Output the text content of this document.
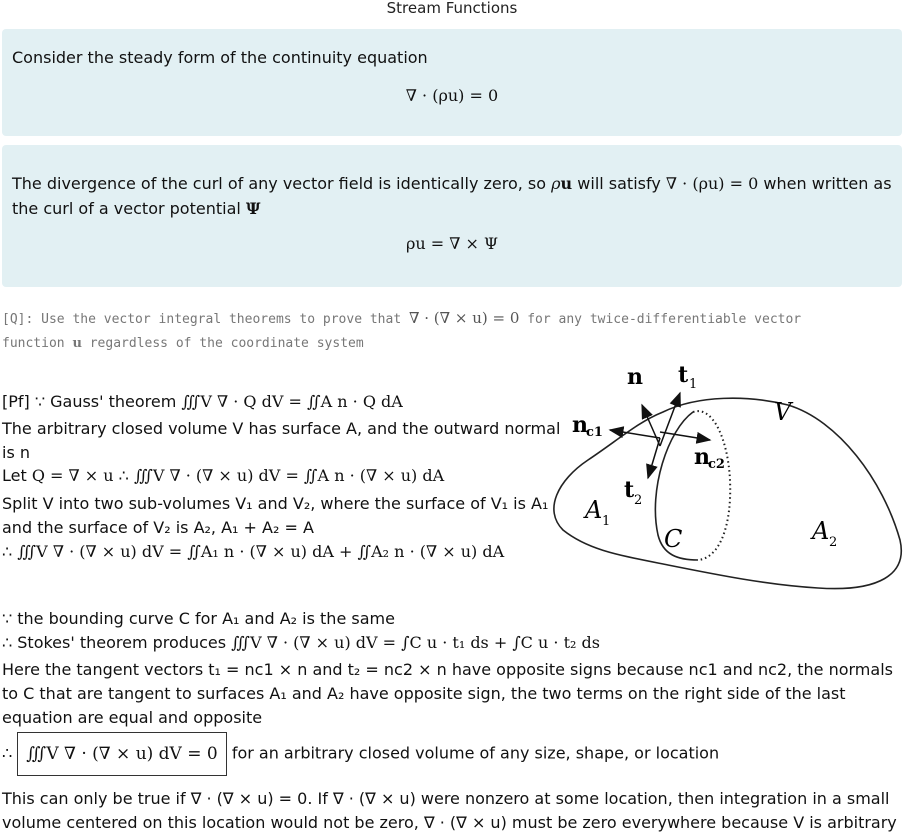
Stream Functions

Consider the steady form of the continuity equation

∇ · (ρu) = 0

The divergence of the curl of any vector field is identically zero, so ρu will satisfy ∇ · (ρu) = 0 when written as the curl of a vector potential Ψ

ρu = ∇ × Ψ

[Q]: Use the vector integral theorems to prove that ∇ · (∇ × u) = 0 for any twice-differentiable vector
function u regardless of the coordinate system

[Pf] ∵ Gauss' theorem ∭V ∇ · Q dV = ∬A n · Q dA

The arbitrary closed volume V has surface A, and the outward normal

is n

Let Q = ∇ × u ∴ ∭V ∇ · (∇ × u) dV = ∬A n · (∇ × u) dA

Split V into two sub-volumes V₁ and V₂, where the surface of V₁ is A₁

and the surface of V₂ is A₂, A₁ + A₂ = A

∴ ∭V ∇ · (∇ × u) dV = ∬A₁ n · (∇ × u) dA + ∬A₂ n · (∇ × u) dA

n t 1
V
n
c1
n
c2
t 2
A 1
C	A 2

∵ the bounding curve C for A₁ and A₂ is the same

∴ Stokes' theorem produces ∭V ∇ · (∇ × u) dV = ∫C u · t₁ ds + ∫C u · t₂ ds

Here the tangent vectors t₁ = nc1 × n and t₂ = nc2 × n have opposite signs because nc1 and nc2, the normals to C that are tangent to surfaces A₁ and A₂ have opposite sign, the two terms on the right side of the last equation are equal and opposite

∴ ∭V ∇ · (∇ × u) dV = 0 for an arbitrary closed volume of any size, shape, or location

This can only be true if ∇ · (∇ × u) = 0. If ∇ · (∇ × u) were nonzero at some location, then integration in a small volume centered on this location would not be zero, ∇ · (∇ × u) must be zero everywhere because V is arbitrary
